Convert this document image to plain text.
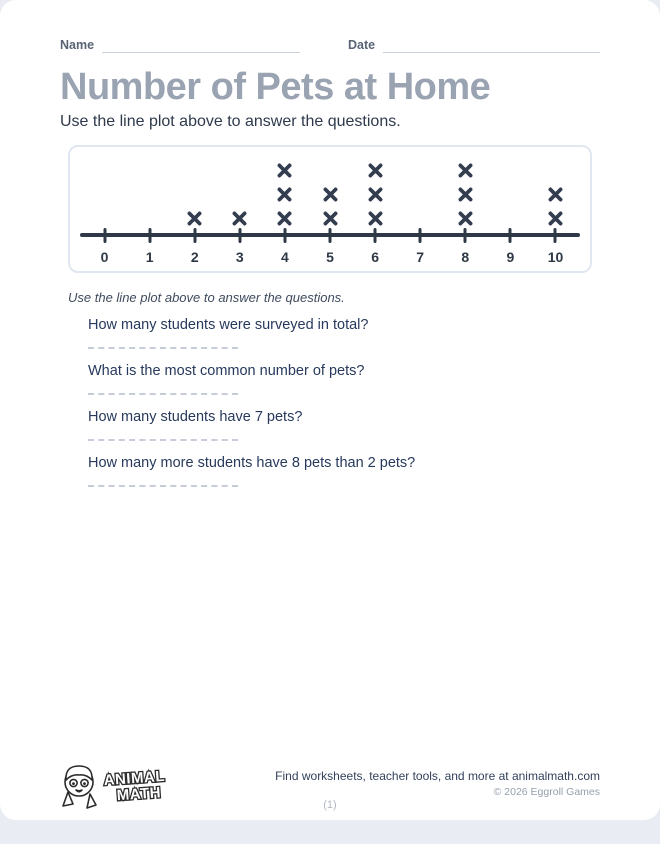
Name	Date
Number of Pets at Home

Use the line plot above to answer the questions.

0	1	2	3	4	5	6	7	8	9	10

Use the line plot above to answer the questions.

How many students were surveyed in total?
What is the most common number of pets?
How many students have 7 pets?
How many more students have 8 pets than 2 pets?
ANIMAL
MATH
Find worksheets, teacher tools, and more at animalmath.com
© 2026 Eggroll Games
(1)
